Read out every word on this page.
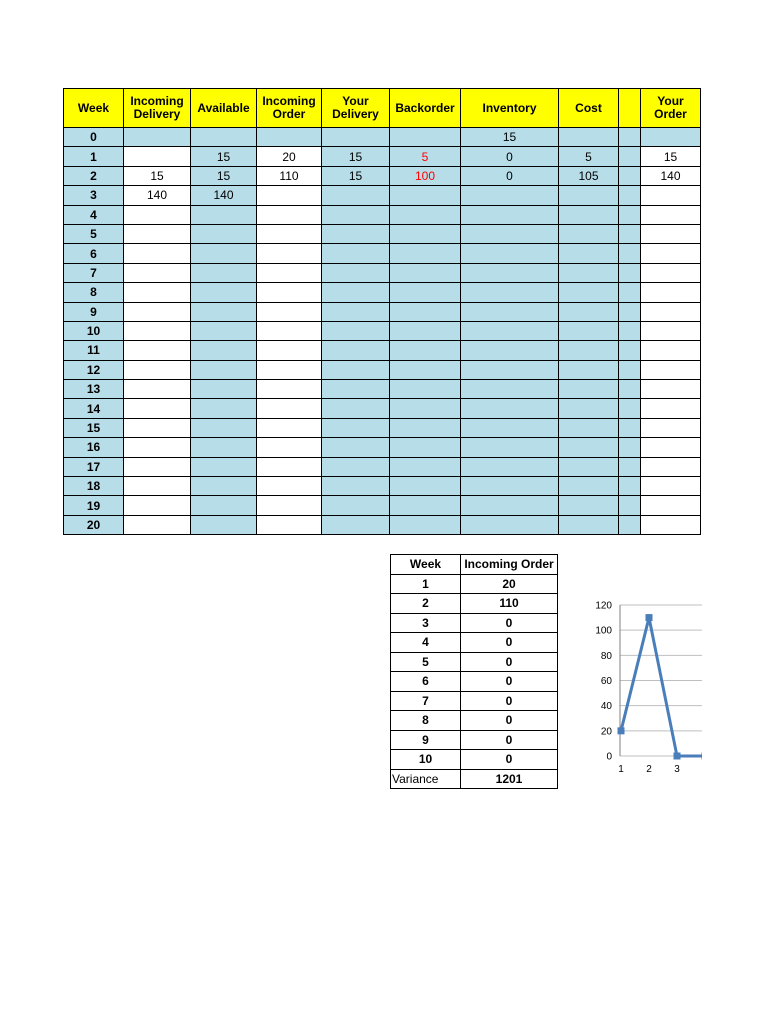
Week	Incoming Delivery	Available	Incoming Order	Your Delivery	Backorder	Inventory	Cost		Your Order
0						15			
1		15	20	15	5	0	5		15
2	15	15	110	15	100	0	105		140
3	140	140							
4									
5									
6									
7									
8									
9									
10									
11									
12									
13									
14									
15									
16									
17									
18									
19									
20									
Week	Incoming Order
1	20
2	110
3	0
4	0
5	0
6	0
7	0
8	0
9	0
10	0
Variance	1201
0
20
40
60
80
100
120
1 2 3
